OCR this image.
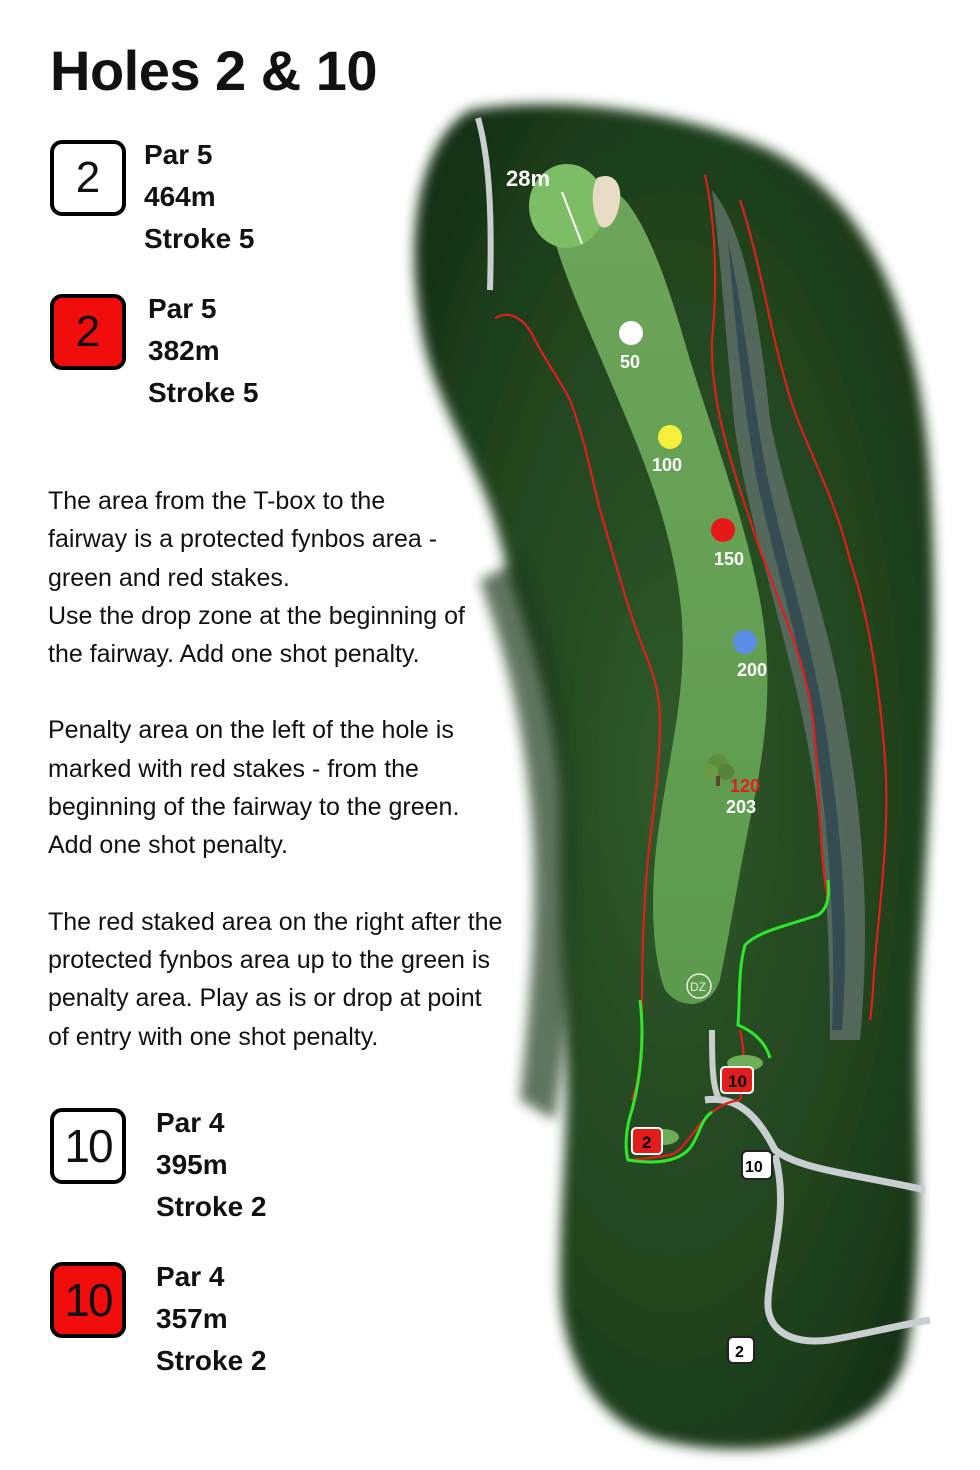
28m
50
100
150
200
120
203
DZ
10
2
10
2
Holes 2 & 10
2	Par 5
464m
Stroke 5
2	Par 5
382m
Stroke 5

The area from the T-box to the
fairway is a protected fynbos area -
green and red stakes.
Use the drop zone at the beginning of
the fairway. Add one shot penalty.

Penalty area on the left of the hole is
marked with red stakes - from the
beginning of the fairway to the green.
Add one shot penalty.

The red staked area on the right after the
protected fynbos area up to the green is
penalty area. Play as is or drop at point
of entry with one shot penalty.

10	Par 4
395m
Stroke 2
10	Par 4
357m
Stroke 2
